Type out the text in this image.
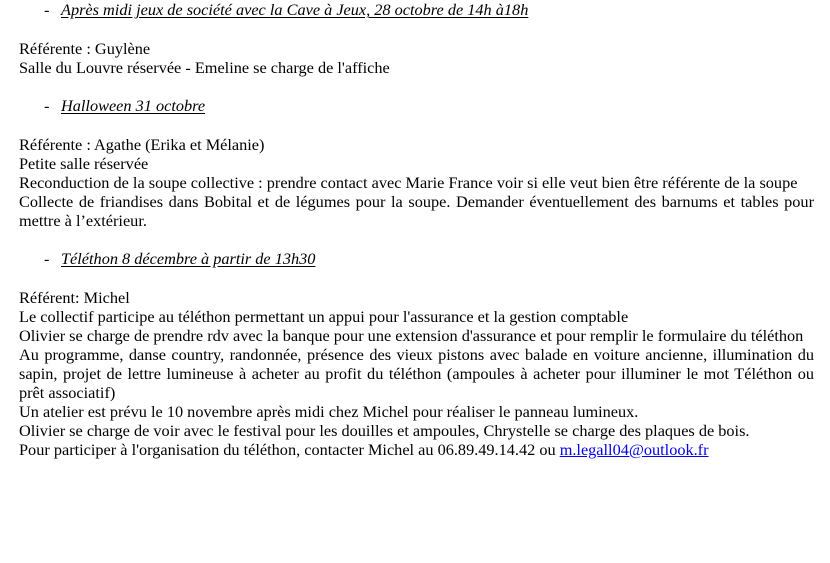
- Après midi jeux de société avec la Cave à Jeux, 28 octobre de 14h à18h

Référente : Guylène

Salle du Louvre réservée - Emeline se charge de l'affiche

- Halloween 31 octobre

Référente : Agathe (Erika et Mélanie)

Petite salle réservée

Reconduction de la soupe collective : prendre contact avec Marie France voir si elle veut bien être référente de la soupe

Collecte de friandises dans Bobital et de légumes pour la soupe. Demander éventuellement des barnums et tables pour mettre à l’extérieur.

- Téléthon 8 décembre à partir de 13h30

Référent: Michel

Le collectif participe au téléthon permettant un appui pour l'assurance et la gestion comptable

Olivier se charge de prendre rdv avec la banque pour une extension d'assurance et pour remplir le formulaire du téléthon

Au programme, danse country, randonnée, présence des vieux pistons avec balade en voiture ancienne, illumination du sapin, projet de lettre lumineuse à acheter au profit du téléthon (ampoules à acheter pour illuminer le mot Téléthon ou prêt associatif)

Un atelier est prévu le 10 novembre après midi chez Michel pour réaliser le panneau lumineux.

Olivier se charge de voir avec le festival pour les douilles et ampoules, Chrystelle se charge des plaques de bois.

Pour participer à l'organisation du téléthon, contacter Michel au 06.89.49.14.42 ou m.legall04@outlook.fr
